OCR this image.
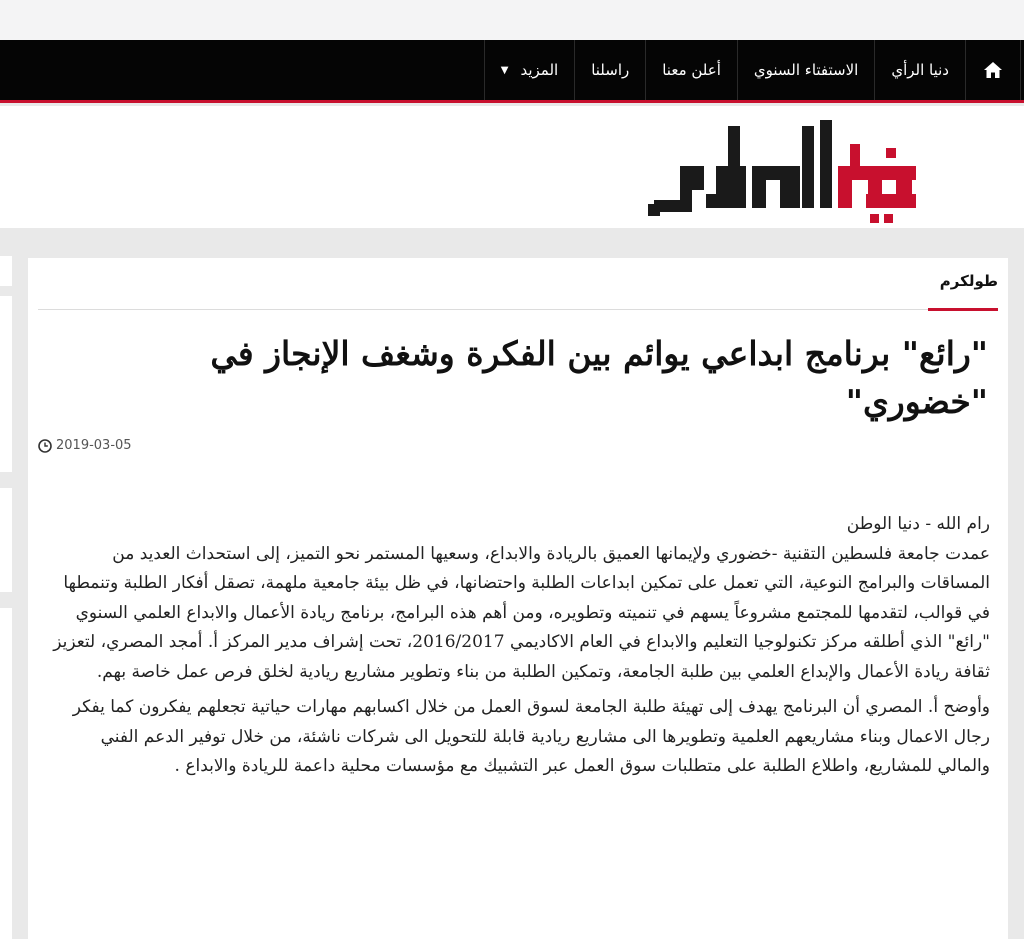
دنيا الرأي
الاستفتاء السنوي
أعلن معنا
راسلنا
المزيد
▼
طولكرم
"رائع" برنامج ابداعي يوائم بين الفكرة وشغف الإنجاز في "خضوري"
2019-03-05

رام الله - دنيا الوطن

عمدت جامعة فلسطين التقنية -خضوري ولإيمانها العميق بالريادة والابداع، وسعيها المستمر نحو التميز، إلى استحداث العديد من المساقات والبرامج النوعية، التي تعمل على تمكين ابداعات الطلبة واحتضانها، في ظل بيئة جامعية ملهمة، تصقل أفكار الطلبة وتنمطها في قوالب، لتقدمها للمجتمع مشروعاً يسهم في تنميته وتطويره، ومن أهم هذه البرامج، برنامج ريادة الأعمال والابداع العلمي السنوي "رائع" الذي أطلقه مركز تكنولوجيا التعليم والابداع في العام الاكاديمي 2016/2017، تحت إشراف مدير المركز أ. أمجد المصري، لتعزيز ثقافة ريادة الأعمال والإبداع العلمي بين طلبة الجامعة، وتمكين الطلبة من بناء وتطوير مشاريع ريادية لخلق فرص عمل خاصة بهم.

وأوضح أ. المصري أن البرنامج يهدف إلى تهيئة طلبة الجامعة لسوق العمل من خلال اكسابهم مهارات حياتية تجعلهم يفكرون كما يفكر رجال الاعمال وبناء مشاريعهم العلمية وتطويرها الى مشاريع ريادية قابلة للتحويل الى شركات ناشئة، من خلال توفير الدعم الفني والمالي للمشاريع، واطلاع الطلبة على متطلبات سوق العمل عبر التشبيك مع مؤسسات محلية داعمة للريادة والابداع .
